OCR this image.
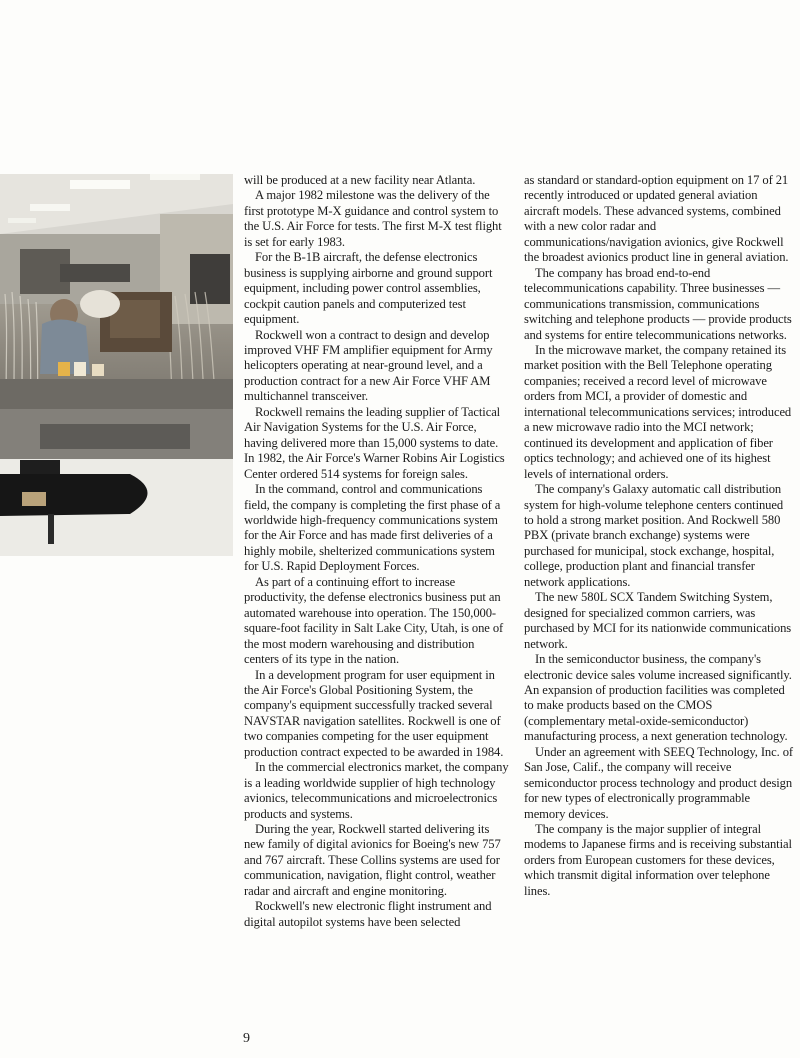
will be produced at a new facility near Atlanta.

A major 1982 milestone was the delivery of the first prototype M-X guidance and control system to the U.S. Air Force for tests. The first M-X test flight is set for early 1983.

For the B-1B aircraft, the defense electronics business is supplying airborne and ground support equipment, including power control assemblies, cockpit caution panels and computerized test equipment.

Rockwell won a contract to design and develop improved VHF FM amplifier equipment for Army helicopters operating at near-ground level, and a production contract for a new Air Force VHF AM multichannel transceiver.

Rockwell remains the leading supplier of Tactical Air Navigation Systems for the U.S. Air Force, having delivered more than 15,000 systems to date. In 1982, the Air Force's Warner Robins Air Logistics Center ordered 514 systems for foreign sales.

In the command, control and communications field, the company is completing the first phase of a worldwide high-frequency communications system for the Air Force and has made first deliveries of a highly mobile, shelterized communications system for U.S. Rapid Deployment Forces.

As part of a continuing effort to increase productivity, the defense electronics business put an automated warehouse into operation. The 150,000-square-foot facility in Salt Lake City, Utah, is one of the most modern warehousing and distribution centers of its type in the nation.

In a development program for user equipment in the Air Force's Global Positioning System, the company's equipment successfully tracked several NAVSTAR navigation satellites. Rockwell is one of two companies competing for the user equipment production contract expected to be awarded in 1984.

In the commercial electronics market, the company is a leading worldwide supplier of high technology avionics, telecommunications and microelectronics products and systems.

During the year, Rockwell started delivering its new family of digital avionics for Boeing's new 757 and 767 aircraft. These Collins systems are used for communication, navigation, flight control, weather radar and aircraft and engine monitoring.

Rockwell's new electronic flight instrument and digital autopilot systems have been selected

as standard or standard-option equipment on 17 of 21 recently introduced or updated general aviation aircraft models. These advanced systems, combined with a new color radar and communications/navigation avionics, give Rockwell the broadest avionics product line in general aviation.

The company has broad end-to-end telecommunications capability. Three businesses — communications transmission, communications switching and telephone products — provide products and systems for entire telecommunications networks.

In the microwave market, the company retained its market position with the Bell Telephone operating companies; received a record level of microwave orders from MCI, a provider of domestic and international telecommunications services; introduced a new microwave radio into the MCI network; continued its development and application of fiber optics technology; and achieved one of its highest levels of international orders.

The company's Galaxy automatic call distribution system for high-volume telephone centers continued to hold a strong market position. And Rockwell 580 PBX (private branch exchange) systems were purchased for municipal, stock exchange, hospital, college, production plant and financial transfer network applications.

The new 580L SCX Tandem Switching System, designed for specialized common carriers, was purchased by MCI for its nationwide communications network.

In the semiconductor business, the company's electronic device sales volume increased significantly. An expansion of production facilities was completed to make products based on the CMOS (complementary metal-oxide-semiconductor) manufacturing process, a next generation technology.

Under an agreement with SEEQ Technology, Inc. of San Jose, Calif., the company will receive semiconductor process technology and product design for new types of electronically programmable memory devices.

The company is the major supplier of integral modems to Japanese firms and is receiving substantial orders from European customers for these devices, which transmit digital information over telephone lines.

9
